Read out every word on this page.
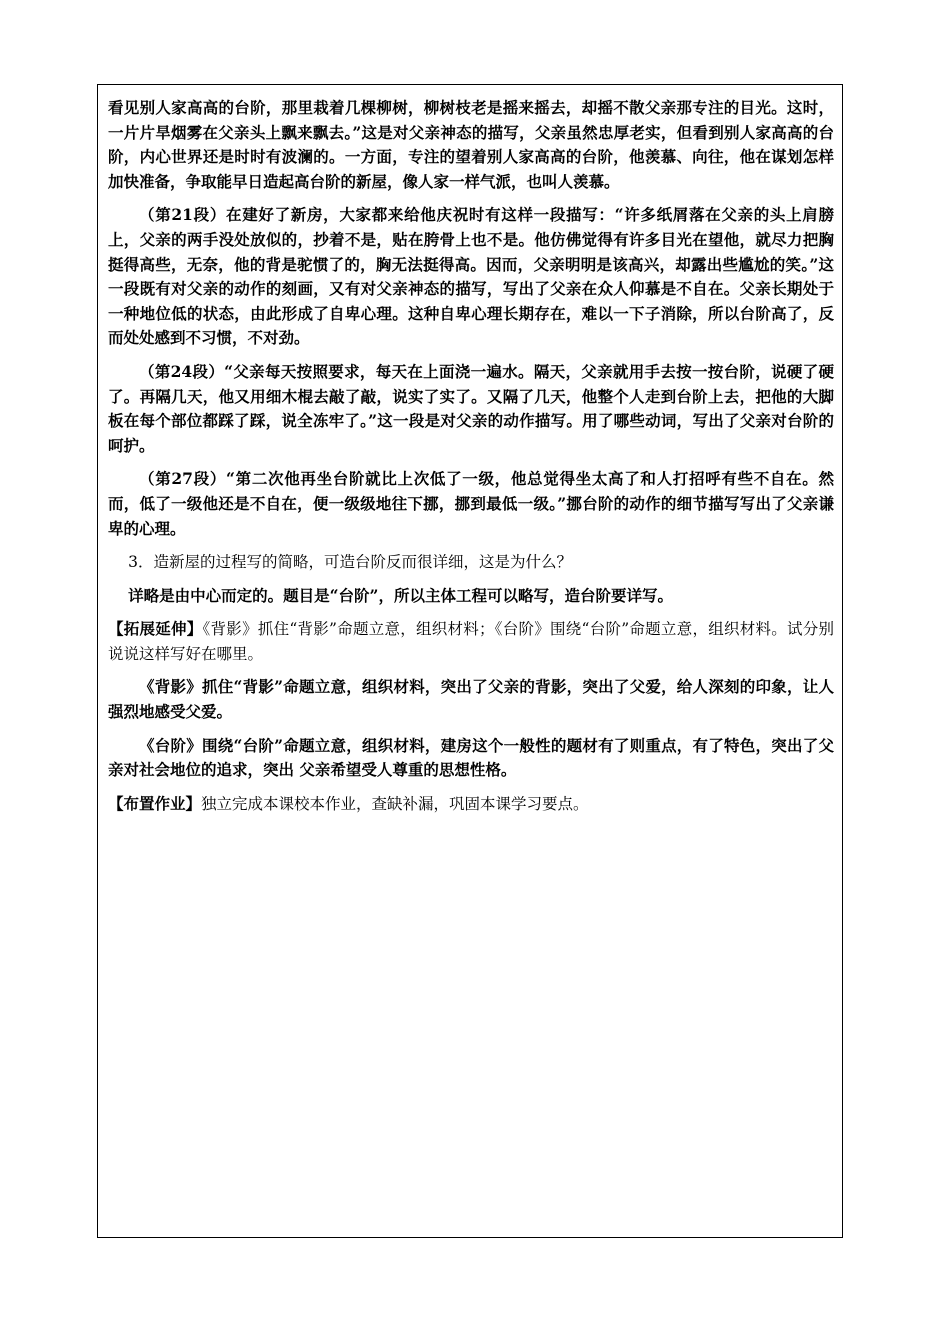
看见别人家高高的台阶，那里栽着几棵柳树，柳树枝老是摇来摇去，却摇不散父亲那专注的目光。这时，一片片旱烟雾在父亲头上飘来飘去。”这是对父亲神态的描写，父亲虽然忠厚老实，但看到别人家高高的台阶，内心世界还是时时有波澜的。一方面，专注的望着别人家高高的台阶，他羡慕、向往，他在谋划怎样加快准备，争取能早日造起高台阶的新屋，像人家一样气派，也叫人羡慕。

（第21段）在建好了新房，大家都来给他庆祝时有这样一段描写：“许多纸屑落在父亲的头上肩膀上，父亲的两手没处放似的，抄着不是，贴在胯骨上也不是。他仿佛觉得有许多目光在望他，就尽力把胸挺得高些，无奈，他的背是驼惯了的，胸无法挺得高。因而，父亲明明是该高兴，却露出些尴尬的笑。”这一段既有对父亲的动作的刻画，又有对父亲神态的描写，写出了父亲在众人仰慕是不自在。父亲长期处于一种地位低的状态，由此形成了自卑心理。这种自卑心理长期存在，难以一下子消除，所以台阶高了，反而处处感到不习惯，不对劲。

（第24段）“父亲每天按照要求，每天在上面浇一遍水。隔天，父亲就用手去按一按台阶，说硬了硬了。再隔几天，他又用细木棍去敲了敲，说实了实了。又隔了几天，他整个人走到台阶上去，把他的大脚板在每个部位都踩了踩，说全冻牢了。”这一段是对父亲的动作描写。用了哪些动词，写出了父亲对台阶的呵护。

（第27段）“第二次他再坐台阶就比上次低了一级，他总觉得坐太高了和人打招呼有些不自在。然而，低了一级他还是不自在，便一级级地往下挪，挪到最低一级。”挪台阶的动作的细节描写写出了父亲谦卑的心理。

3．造新屋的过程写的简略，可造台阶反而很详细，这是为什么？

详略是由中心而定的。题目是“台阶”，所以主体工程可以略写，造台阶要详写。

【拓展延伸】《背影》抓住“背影”命题立意，组织材料；《台阶》围绕“台阶”命题立意，组织材料。试分别说说这样写好在哪里。

《背影》抓住“背影”命题立意，组织材料，突出了父亲的背影，突出了父爱，给人深刻的印象，让人强烈地感受父爱。

《台阶》围绕“台阶”命题立意，组织材料，建房这个一般性的题材有了则重点，有了特色，突出了父亲对社会地位的追求，突出 父亲希望受人尊重的思想性格。

【布置作业】独立完成本课校本作业，查缺补漏，巩固本课学习要点。
